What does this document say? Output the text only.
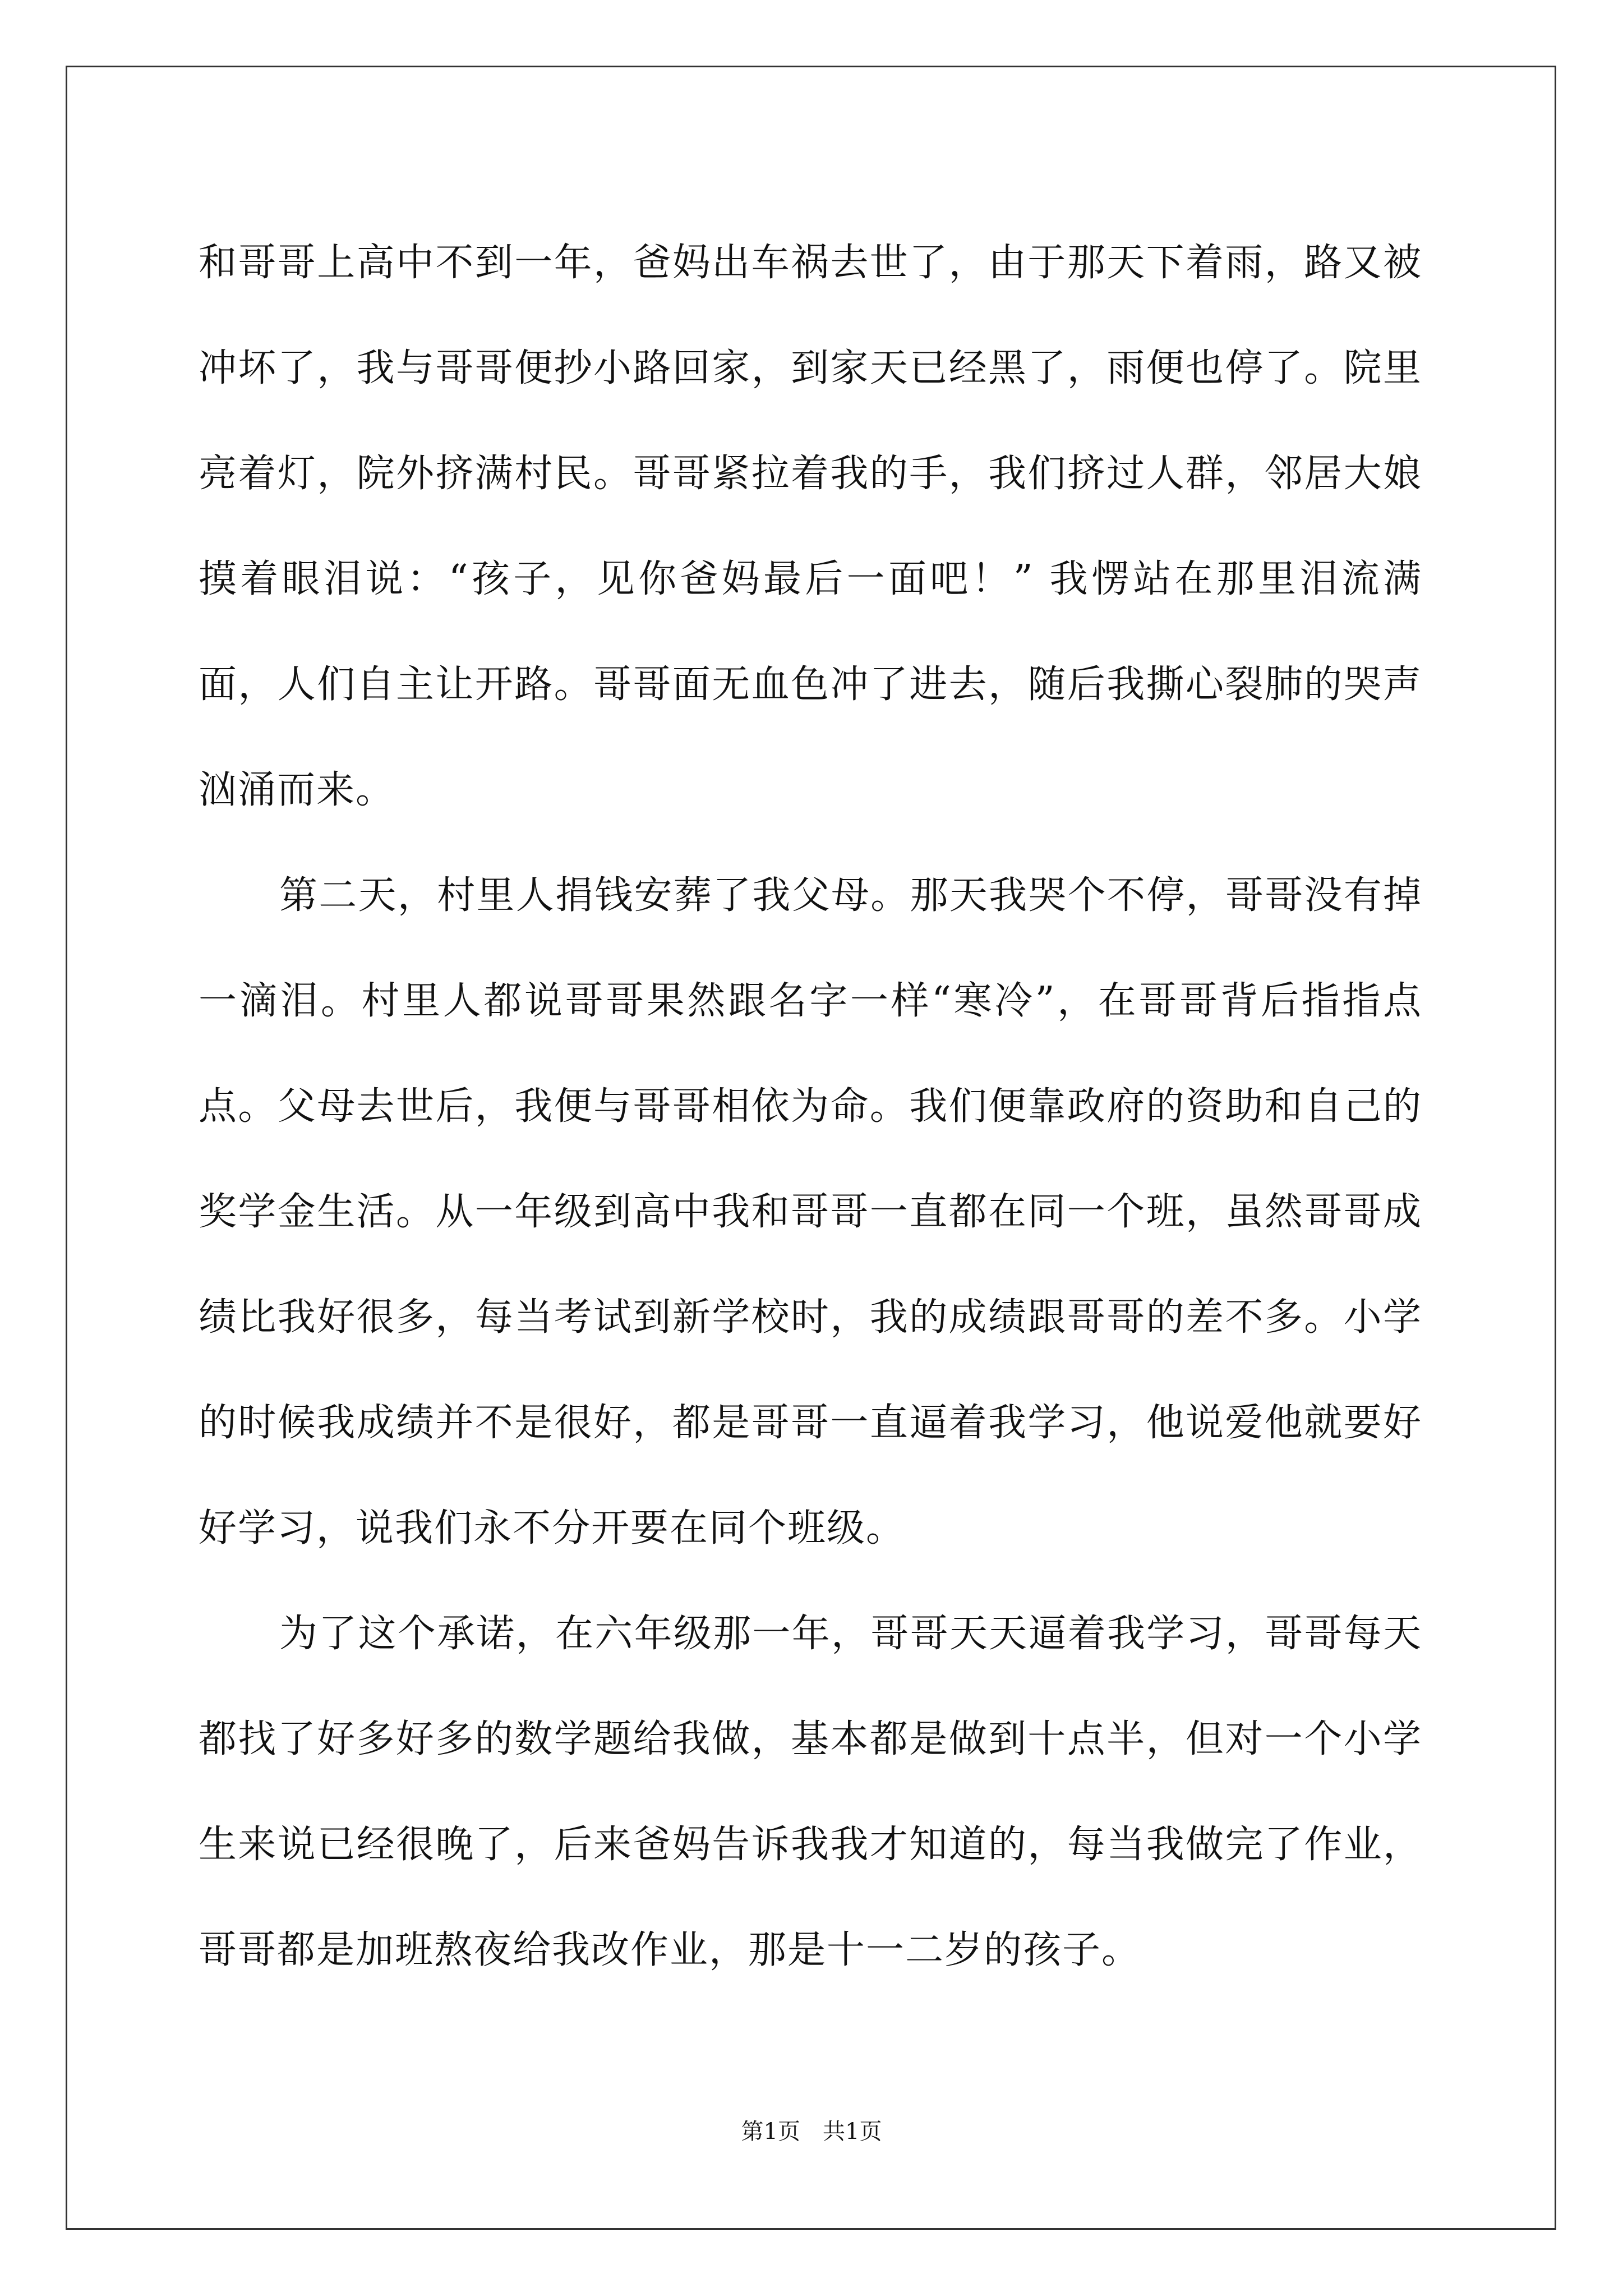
和哥哥上高中不到一年，爸妈出车祸去世了，由于那天下着雨，路又被冲坏了，我与哥哥便抄小路回家，到家天已经黑了，雨便也停了。院里亮着灯，院外挤满村民。哥哥紧拉着我的手，我们挤过人群，邻居大娘摸着眼泪说：“孩子，见你爸妈最后一面吧！” 我愣站在那里泪流满面，人们自主让开路。哥哥面无血色冲了进去，随后我撕心裂肺的哭声汹涌而来。

第二天，村里人捐钱安葬了我父母。那天我哭个不停，哥哥没有掉一滴泪。村里人都说哥哥果然跟名字一样“寒冷”，在哥哥背后指指点点。父母去世后，我便与哥哥相依为命。我们便靠政府的资助和自己的奖学金生活。从一年级到高中我和哥哥一直都在同一个班，虽然哥哥成绩比我好很多，每当考试到新学校时，我的成绩跟哥哥的差不多。小学的时候我成绩并不是很好，都是哥哥一直逼着我学习，他说爱他就要好好学习，说我们永不分开要在同个班级。

为了这个承诺，在六年级那一年，哥哥天天逼着我学习，哥哥每天都找了好多好多的数学题给我做，基本都是做到十点半，但对一个小学生来说已经很晚了，后来爸妈告诉我我才知道的，每当我做完了作业，哥哥都是加班熬夜给我改作业，那是十一二岁的孩子。

第1页　共1页
